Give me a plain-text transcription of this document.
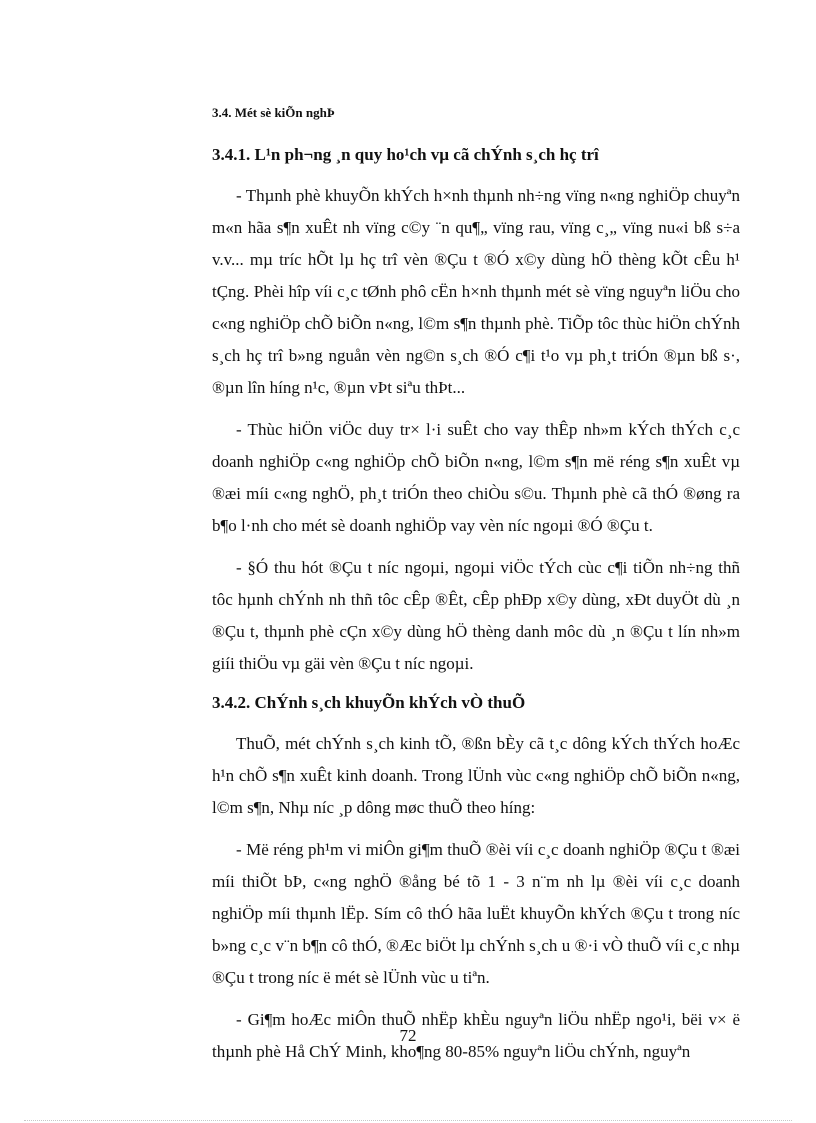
3.4. Mét sè kiÕn nghÞ
3.4.1. L¹n ph¬ng ¸n quy ho¹ch vµ cã chÝnh s¸ch hç trî

- Thµnh phè khuyÕn khÝch h×nh thµnh nh÷ng vïng n«ng nghiÖp chuyªn m«n hãa s¶n xuÊt nh vïng c©y ¨n qu¶„ vïng rau, vïng c¸„ vïng nu«i bß s÷a v.v... mµ tríc hÕt lµ hç trî vèn ®Çu t ®Ó x©y dùng hÖ thèng kÕt cÊu h¹ tÇng. Phèi hîp víi c¸c tØnh phô cËn h×nh thµnh mét sè vïng nguyªn liÖu cho c«ng nghiÖp chÕ biÕn n«ng, l©m s¶n thµnh phè. TiÕp tôc thùc hiÖn chÝnh s¸ch hç trî b»ng nguån vèn ng©n s¸ch ®Ó c¶i t¹o vµ ph¸t triÓn ®µn bß s·, ®µn lîn híng n¹c, ®µn vÞt siªu thÞt...

- Thùc hiÖn viÖc duy tr× l·i suÊt cho vay thÊp nh»m kÝch thÝch c¸c doanh nghiÖp c«ng nghiÖp chÕ biÕn n«ng, l©m s¶n më réng s¶n xuÊt vµ ®æi míi c«ng nghÖ, ph¸t triÓn theo chiÒu s©u. Thµnh phè cã thÓ ®øng ra b¶o l·nh cho mét sè doanh nghiÖp vay vèn níc ngoµi ®Ó ®Çu t.

- §Ó thu hót ®Çu t níc ngoµi, ngoµi viÖc tÝch cùc c¶i tiÕn nh÷ng thñ tôc hµnh chÝnh nh thñ tôc cÊp ®Êt, cÊp phÐp x©y dùng, xÐt duyÖt dù ¸n ®Çu t, thµnh phè cÇn x©y dùng hÖ thèng danh môc dù ¸n ®Çu t lín nh»m giíi thiÖu vµ gäi vèn ®Çu t níc ngoµi.

3.4.2. ChÝnh s¸ch khuyÕn khÝch vÒ thuÕ

ThuÕ, mét chÝnh s¸ch kinh tÕ, ®ßn bÈy cã t¸c dông kÝch thÝch hoÆc h¹n chÕ s¶n xuÊt kinh doanh. Trong lÜnh vùc c«ng nghiÖp chÕ biÕn n«ng, l©m s¶n, Nhµ níc ¸p dông møc thuÕ theo híng:

- Më réng ph¹m vi miÔn gi¶m thuÕ ®èi víi c¸c doanh nghiÖp ®Çu t ®æi míi thiÕt bÞ, c«ng nghÖ ®ång bé tõ 1 - 3 n¨m nh lµ ®èi víi c¸c doanh nghiÖp míi thµnh lËp. Sím cô thÓ hãa luËt khuyÕn khÝch ®Çu t trong níc b»ng c¸c v¨n b¶n cô thÓ, ®Æc biÖt lµ chÝnh s¸ch u ®·i vÒ thuÕ víi c¸c nhµ ®Çu t trong níc ë mét sè lÜnh vùc u tiªn.

- Gi¶m hoÆc miÔn thuÕ nhËp khÈu nguyªn liÖu nhËp ngo¹i, bëi v× ë thµnh phè Hå ChÝ Minh, kho¶ng 80-85% nguyªn liÖu chÝnh, nguyªn

72
